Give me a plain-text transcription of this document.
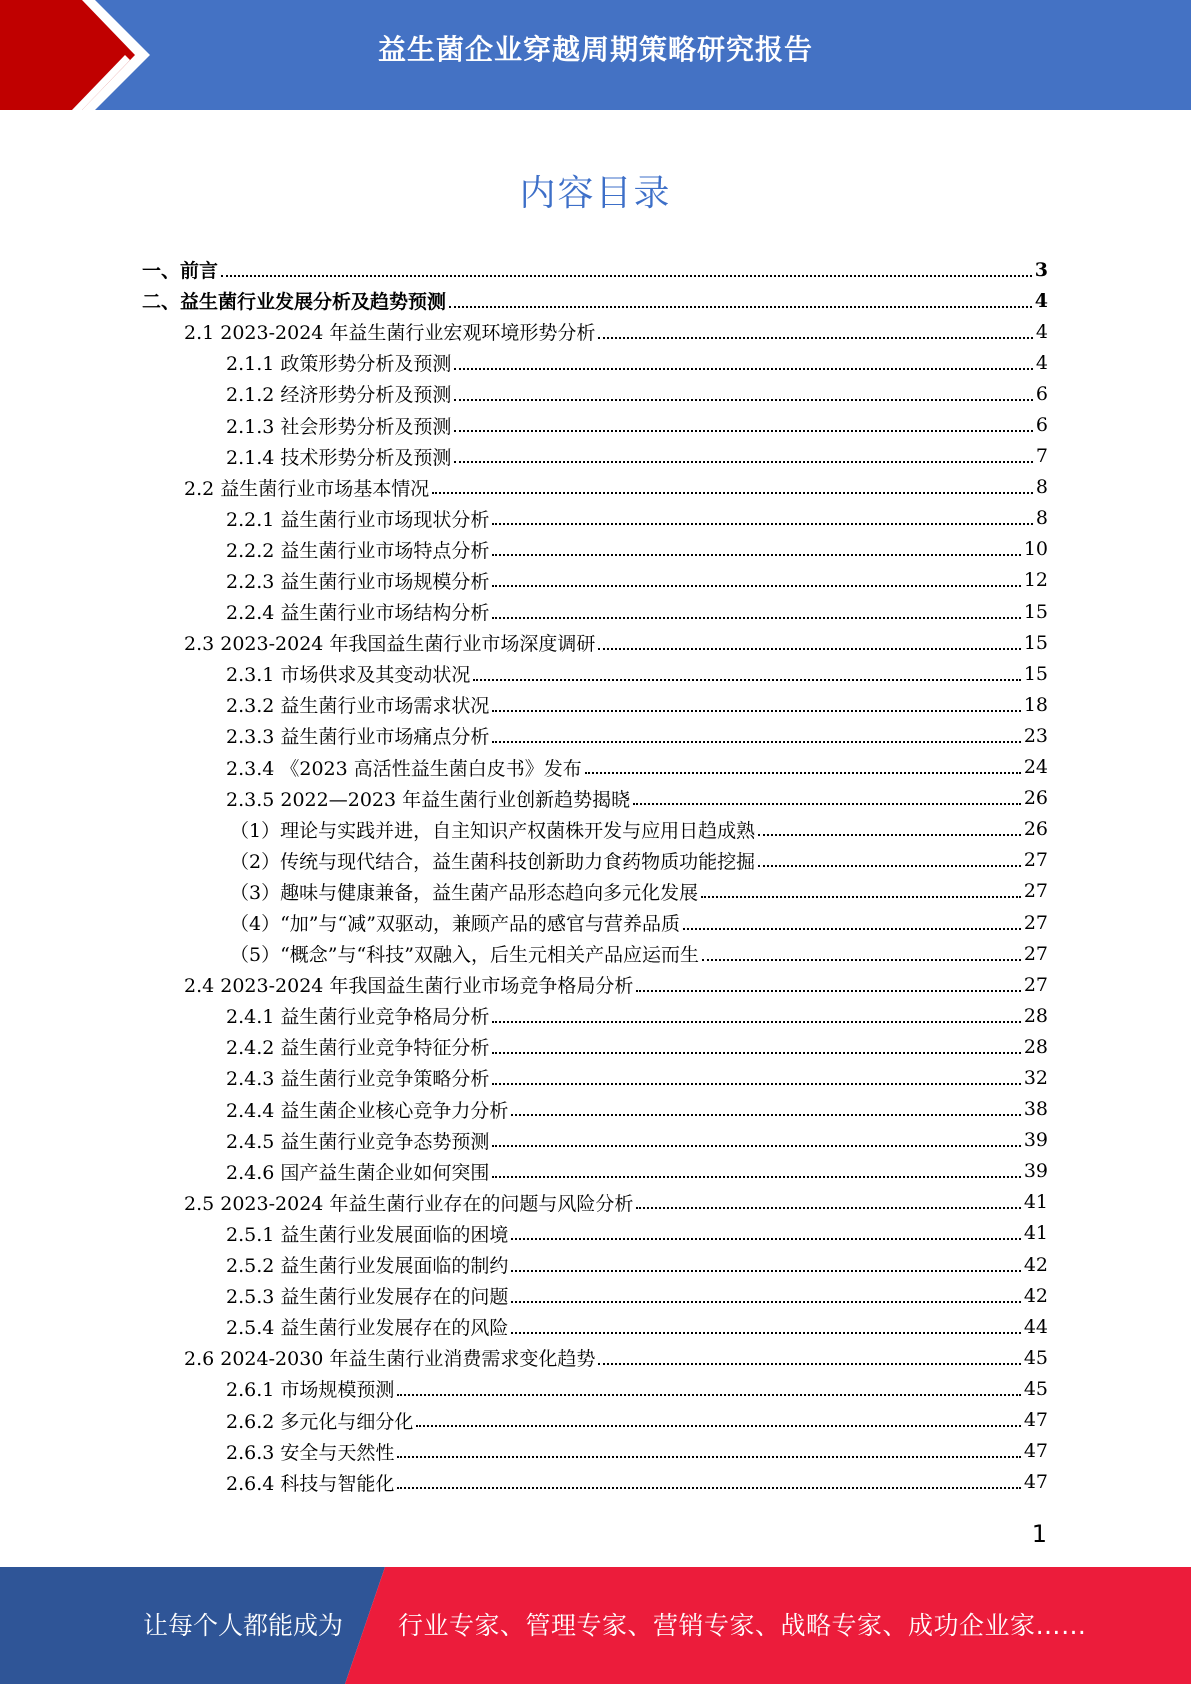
益生菌企业穿越周期策略研究报告
内容目录
一、前言	3
二、益生菌行业发展分析及趋势预测	4
2.1 2023-2024 年益生菌行业宏观环境形势分析	4
2.1.1 政策形势分析及预测	4
2.1.2 经济形势分析及预测	6
2.1.3 社会形势分析及预测	6
2.1.4 技术形势分析及预测	7
2.2 益生菌行业市场基本情况	8
2.2.1 益生菌行业市场现状分析	8
2.2.2 益生菌行业市场特点分析	10
2.2.3 益生菌行业市场规模分析	12
2.2.4 益生菌行业市场结构分析	15
2.3 2023-2024 年我国益生菌行业市场深度调研	15
2.3.1 市场供求及其变动状况	15
2.3.2 益生菌行业市场需求状况	18
2.3.3 益生菌行业市场痛点分析	23
2.3.4 《2023 高活性益生菌白皮书》发布	24
2.3.5 2022—2023 年益生菌行业创新趋势揭晓	26
（1）理论与实践并进，自主知识产权菌株开发与应用日趋成熟	26
（2）传统与现代结合，益生菌科技创新助力食药物质功能挖掘	27
（3）趣味与健康兼备，益生菌产品形态趋向多元化发展	27
（4）“加”与“减”双驱动，兼顾产品的感官与营养品质	27
（5）“概念”与“科技”双融入，后生元相关产品应运而生	27
2.4 2023-2024 年我国益生菌行业市场竞争格局分析	27
2.4.1 益生菌行业竞争格局分析	28
2.4.2 益生菌行业竞争特征分析	28
2.4.3 益生菌行业竞争策略分析	32
2.4.4 益生菌企业核心竞争力分析	38
2.4.5 益生菌行业竞争态势预测	39
2.4.6 国产益生菌企业如何突围	39
2.5 2023-2024 年益生菌行业存在的问题与风险分析	41
2.5.1 益生菌行业发展面临的困境	41
2.5.2 益生菌行业发展面临的制约	42
2.5.3 益生菌行业发展存在的问题	42
2.5.4 益生菌行业发展存在的风险	44
2.6 2024-2030 年益生菌行业消费需求变化趋势	45
2.6.1 市场规模预测	45
2.6.2 多元化与细分化	47
2.6.3 安全与天然性	47
2.6.4 科技与智能化	47
1
让每个人都能成为 行业专家、管理专家、营销专家、战略专家、成功企业家……
